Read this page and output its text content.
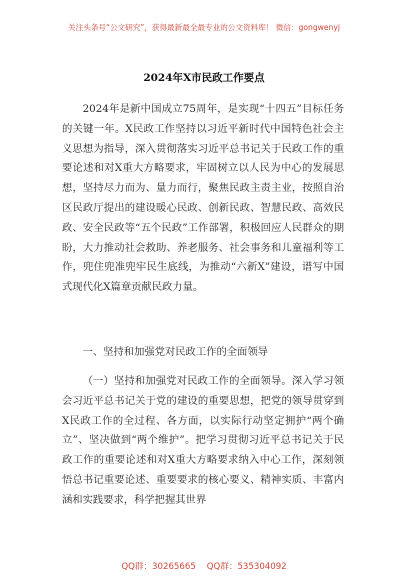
关注头条号“公文研究”，获得最新最全最专业的公文资料库！ 微信：gongwenyj
2024年X市民政工作要点

2024年是新中国成立75周年，是实现“十四五”目标任务的关键一年。X民政工作坚持以习近平新时代中国特色社会主义思想为指导，深入贯彻落实习近平总书记关于民政工作的重要论述和对X重大方略要求，牢固树立以人民为中心的发展思想，坚持尽力而为、量力而行，聚焦民政主责主业，按照自治区民政厅提出的建设暖心民政、创新民政、智慧民政、高效民政、安全民政等“五个民政”工作部署，积极回应人民群众的期盼，大力推动社会救助、养老服务、社会事务和儿童福利等工作，兜住兜准兜牢民生底线，为推动“六新X”建设，谱写中国式现代化X篇章贡献民政力量。

一、坚持和加强党对民政工作的全面领导

（一）坚持和加强党对民政工作的全面领导。深入学习领会习近平总书记关于党的建设的重要思想，把党的领导贯穿到X民政工作的全过程、各方面，以实际行动坚定拥护“两个确立”、坚决做到“两个维护”。把学习贯彻习近平总书记关于民政工作的重要论述和对X重大方略要求纳入中心工作，深刻领悟总书记重要论述、重要要求的核心要义、精神实质、丰富内涵和实践要求，科学把握其世界

QQ群：30265665    QQ群：535304092
